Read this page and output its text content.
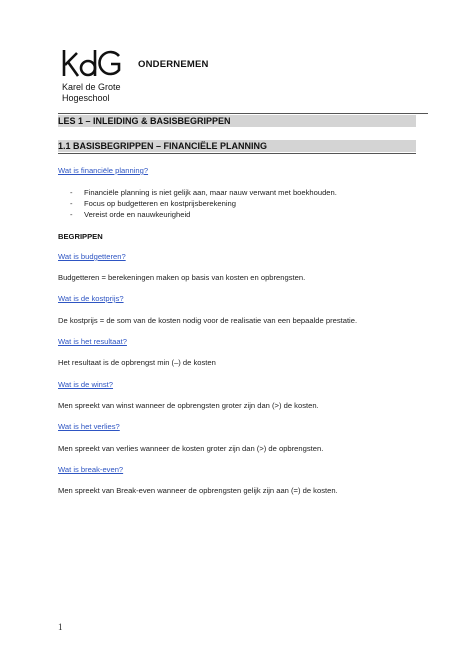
Karel de Grote
Hogeschool
ONDERNEMEN
LES 1 – INLEIDING & BASISBEGRIPPEN
1.1 BASISBEGRIPPEN – FINANCIËLE PLANNING
Wat is financiële planning?
- Financiële planning is niet gelijk aan, maar nauw verwant met boekhouden.
- Focus op budgetteren en kostprijsberekening
- Vereist orde en nauwkeurigheid
BEGRIPPEN
Wat is budgetteren?
Budgetteren = berekeningen maken op basis van kosten en opbrengsten.
Wat is de kostprijs?
De kostprijs = de som van de kosten nodig voor de realisatie van een bepaalde prestatie.
Wat is het resultaat?
Het resultaat is de opbrengst min (–) de kosten
Wat is de winst?
Men spreekt van winst wanneer de opbrengsten groter zijn dan (>) de kosten.
Wat is het verlies?
Men spreekt van verlies wanneer de kosten groter zijn dan (>) de opbrengsten.
Wat is break-even?
Men spreekt van Break-even wanneer de opbrengsten gelijk zijn aan (=) de kosten.
1
